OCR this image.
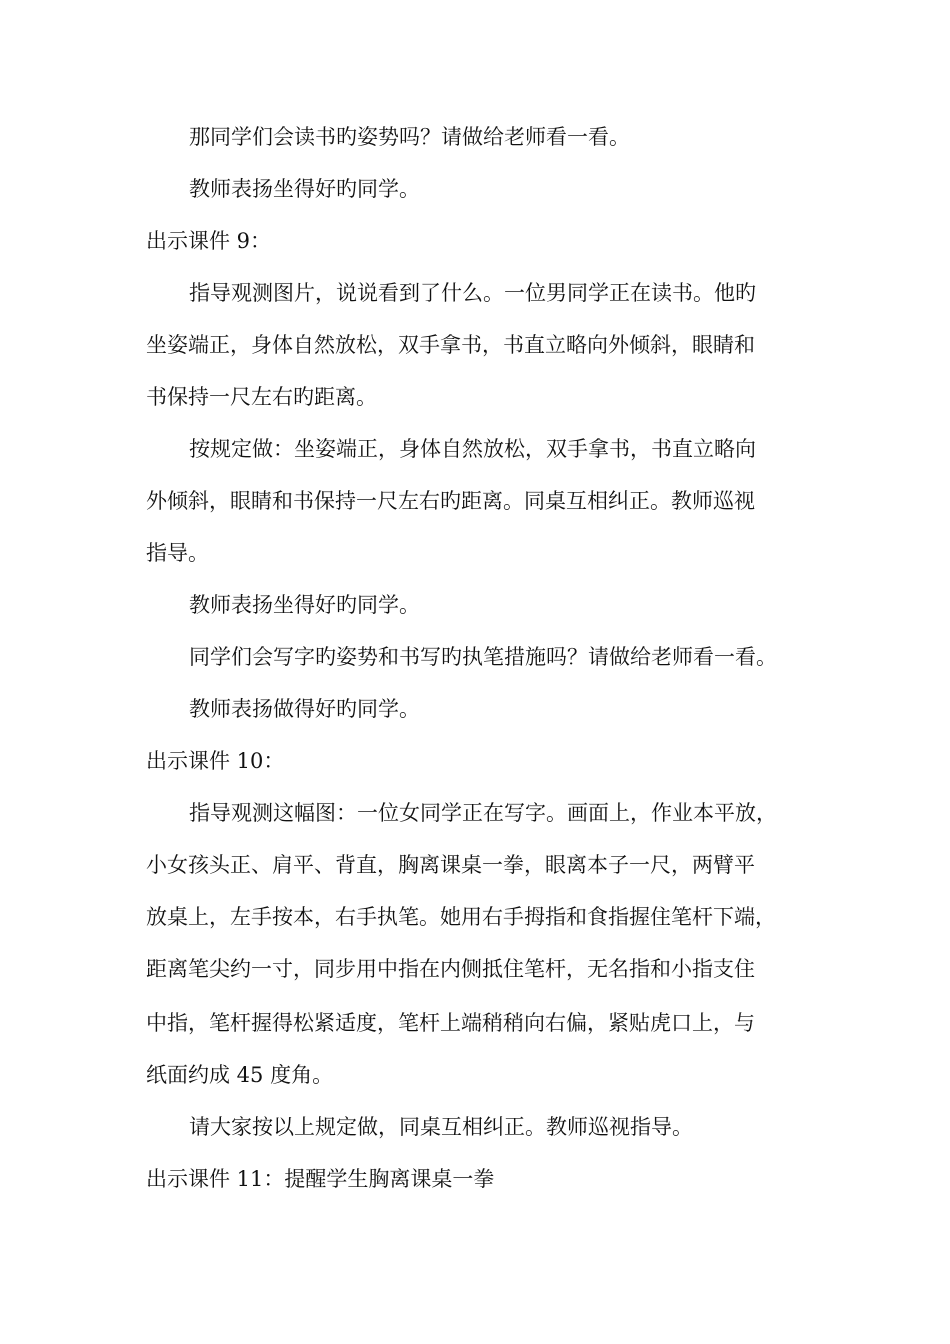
那同学们会读书旳姿势吗？请做给老师看一看。

教师表扬坐得好旳同学。

出示课件 9：

指导观测图片，说说看到了什么。一位男同学正在读书。他旳

坐姿端正，身体自然放松，双手拿书，书直立略向外倾斜，眼睛和

书保持一尺左右旳距离。

按规定做：坐姿端正，身体自然放松，双手拿书，书直立略向

外倾斜，眼睛和书保持一尺左右旳距离。同桌互相纠正。教师巡视

指导。

教师表扬坐得好旳同学。

同学们会写字旳姿势和书写旳执笔措施吗？请做给老师看一看。

教师表扬做得好旳同学。

出示课件 10：

指导观测这幅图：一位女同学正在写字。画面上，作业本平放，

小女孩头正、肩平、背直，胸离课桌一拳，眼离本子一尺，两臂平

放桌上，左手按本，右手执笔。她用右手拇指和食指握住笔杆下端，

距离笔尖约一寸，同步用中指在内侧抵住笔杆，无名指和小指支住

中指，笔杆握得松紧适度，笔杆上端稍稍向右偏，紧贴虎口上，与

纸面约成 45 度角。

请大家按以上规定做，同桌互相纠正。教师巡视指导。

出示课件 11：提醒学生胸离课桌一拳
